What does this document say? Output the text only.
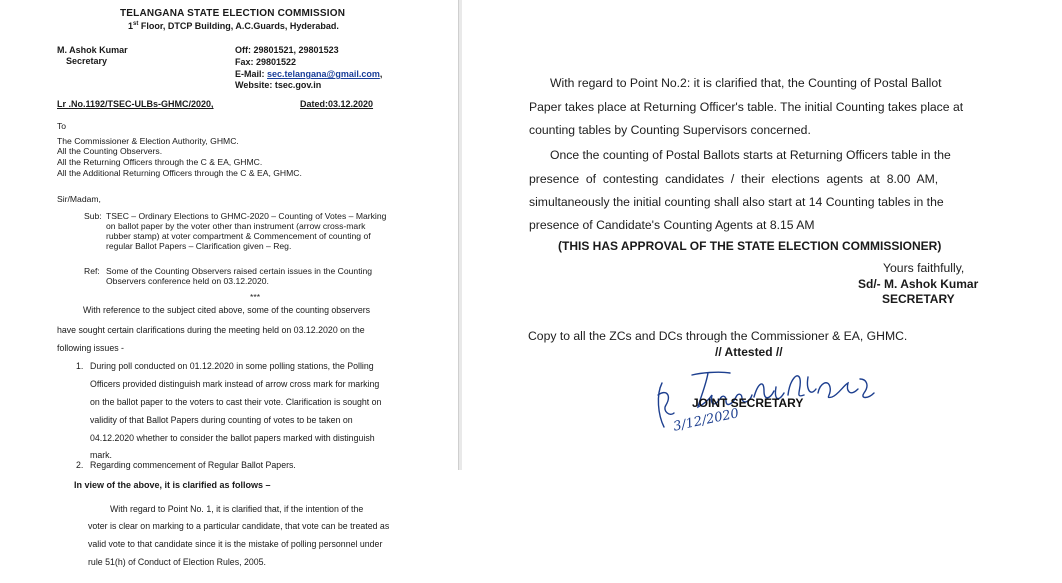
TELANGANA STATE ELECTION COMMISSION
1st Floor, DTCP Building, A.C.Guards, Hyderabad.
M. Ashok Kumar
Secretary
Off: 29801521, 29801523
Fax: 29801522
E-Mail: sec.telangana@gmail.com,
Website: tsec.gov.in
Lr .No.1192/TSEC-ULBs-GHMC/2020,	Dated:03.12.2020
To
The Commissioner & Election Authority, GHMC.
All the Counting Observers.
All the Returning Officers through the C & EA, GHMC.
All the Additional Returning Officers through the C & EA, GHMC.
Sir/Madam,
Sub: TSEC – Ordinary Elections to GHMC-2020 – Counting of Votes – Marking
on ballot paper by the voter other than instrument (arrow cross-mark
rubber stamp) at voter compartment & Commencement of counting of
regular Ballot Papers – Clarification given – Reg.
Ref: Some of the Counting Observers raised certain issues in the Counting
Observers conference held on 03.12.2020.
***
With reference to the subject cited above, some of the counting observers
have sought certain clarifications during the meeting held on 03.12.2020 on the
following issues -
1. During poll conducted on 01.12.2020 in some polling stations, the Polling
Officers provided distinguish mark instead of arrow cross mark for marking
on the ballot paper to the voters to cast their vote. Clarification is sought on
validity of that Ballot Papers during counting of votes to be taken on
04.12.2020 whether to consider the ballot papers marked with distinguish
mark.
2. Regarding commencement of Regular Ballot Papers.
In view of the above, it is clarified as follows –
With regard to Point No. 1, it is clarified that, if the intention of the
voter is clear on marking to a particular candidate, that vote can be treated as
valid vote to that candidate since it is the mistake of polling personnel under
rule 51(h) of Conduct of Election Rules, 2005.
With regard to Point No.2: it is clarified that, the Counting of Postal Ballot
Paper takes place at Returning Officer's table. The initial Counting takes place at
counting tables by Counting Supervisors concerned.
Once the counting of Postal Ballots starts at Returning Officers table in the
presence  of  contesting  candidates  /  their  elections  agents  at  8.00  AM,
simultaneously the initial counting shall also start at 14 Counting tables in the
presence of Candidate's Counting Agents at 8.15 AM
(THIS HAS APPROVAL OF THE STATE ELECTION COMMISSIONER)
Yours faithfully,
Sd/- M. Ashok Kumar
SECRETARY
Copy to all the ZCs and DCs through the Commissioner & EA, GHMC.
// Attested //
JOINT SECRETARY
3/12/2020
